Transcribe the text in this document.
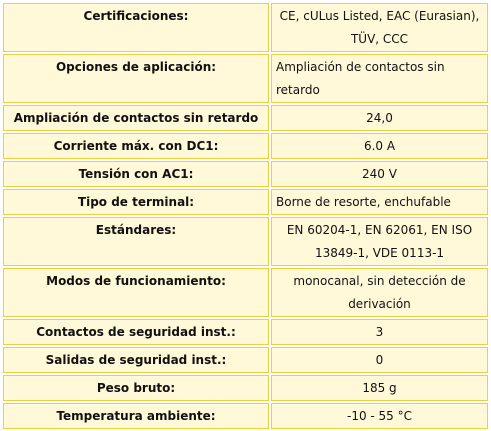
Certificaciones:	CE, cULus Listed, EAC (Eurasian), TÜV, CCC
Opciones de aplicación:	Ampliación de contactos sin retardo
Ampliación de contactos sin retardo	24,0
Corriente máx. con DC1:	6.0 A
Tensión con AC1:	240 V
Tipo de terminal:	Borne de resorte, enchufable
Estándares:	EN 60204-1, EN 62061, EN ISO 13849-1, VDE 0113-1
Modos de funcionamiento:	monocanal, sin detección de derivación
Contactos de seguridad inst.:	3
Salidas de seguridad inst.:	0
Peso bruto:	185 g
Temperatura ambiente:	-10 - 55 °C
